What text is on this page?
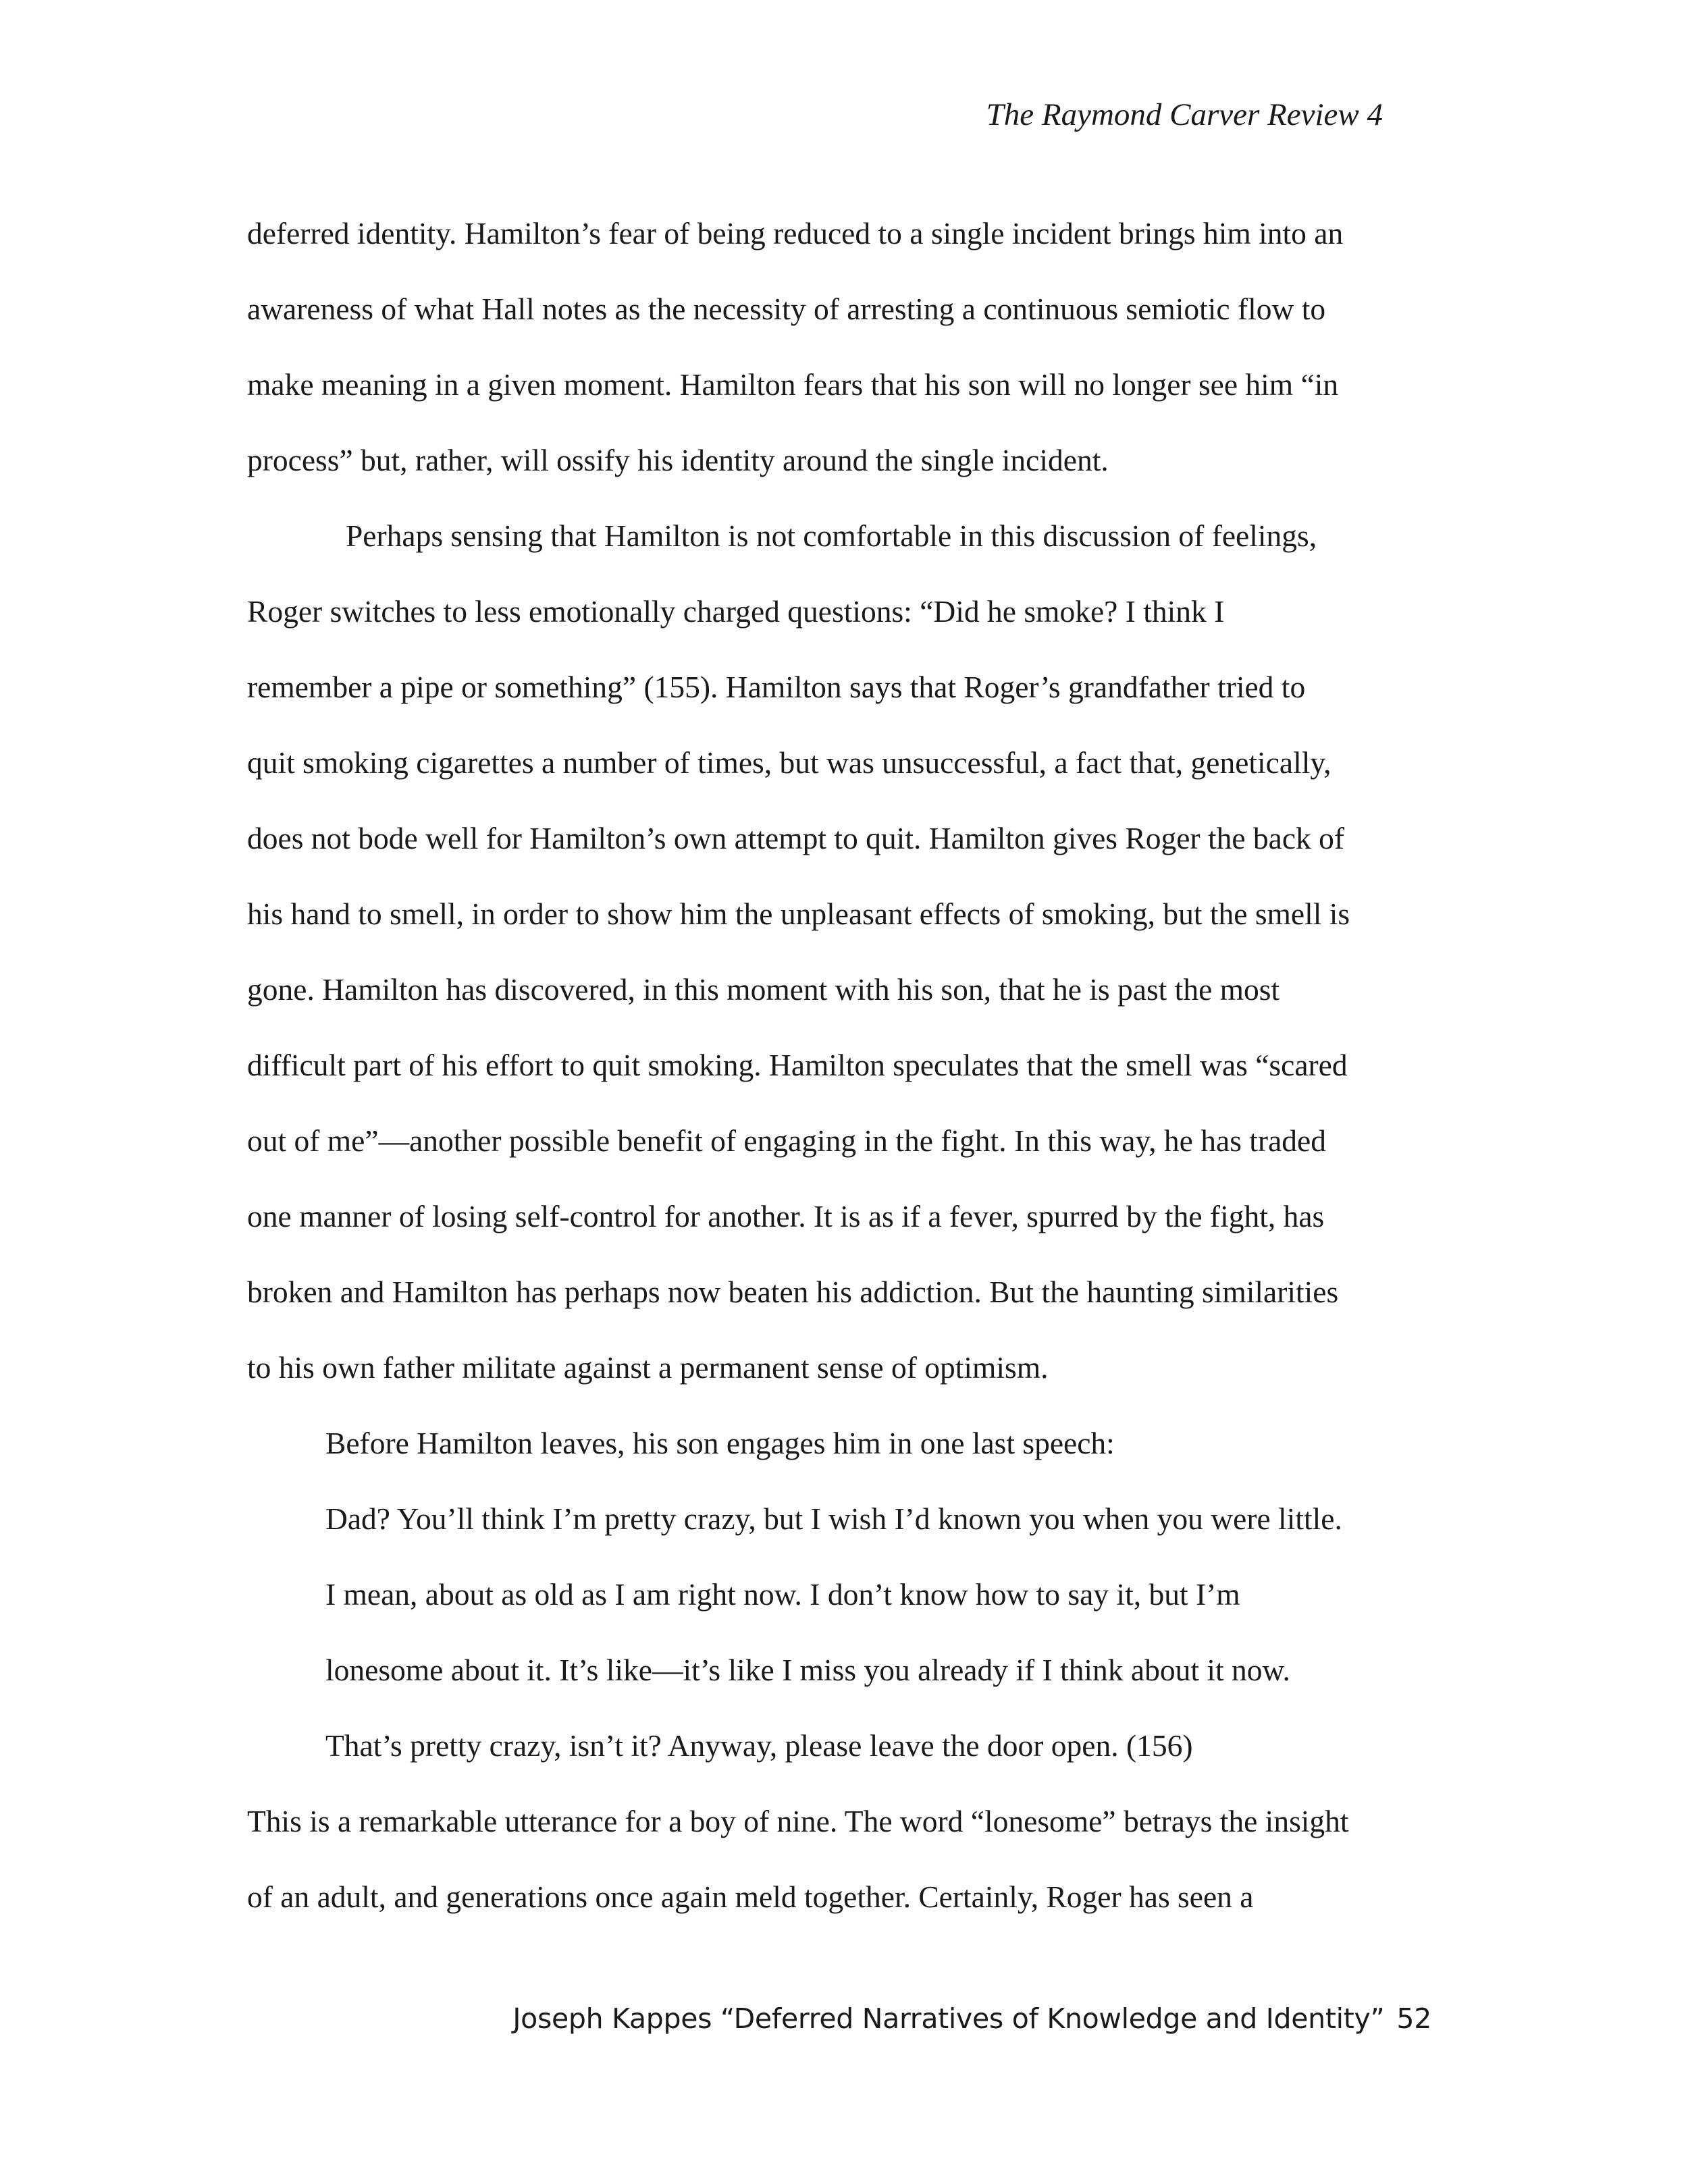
The Raymond Carver Review 4
deferred identity. Hamilton’s fear of being reduced to a single incident brings him into an
awareness of what Hall notes as the necessity of arresting a continuous semiotic flow to
make meaning in a given moment. Hamilton fears that his son will no longer see him “in
process” but, rather, will ossify his identity around the single incident.
Perhaps sensing that Hamilton is not comfortable in this discussion of feelings,
Roger switches to less emotionally charged questions: “Did he smoke? I think I
remember a pipe or something” (155). Hamilton says that Roger’s grandfather tried to
quit smoking cigarettes a number of times, but was unsuccessful, a fact that, genetically,
does not bode well for Hamilton’s own attempt to quit. Hamilton gives Roger the back of
his hand to smell, in order to show him the unpleasant effects of smoking, but the smell is
gone. Hamilton has discovered, in this moment with his son, that he is past the most
difficult part of his effort to quit smoking. Hamilton speculates that the smell was “scared
out of me”—another possible benefit of engaging in the fight. In this way, he has traded
one manner of losing self-control for another. It is as if a fever, spurred by the fight, has
broken and Hamilton has perhaps now beaten his addiction. But the haunting similarities
to his own father militate against a permanent sense of optimism.
Before Hamilton leaves, his son engages him in one last speech:
Dad? You’ll think I’m pretty crazy, but I wish I’d known you when you were little.
I mean, about as old as I am right now. I don’t know how to say it, but I’m
lonesome about it. It’s like—it’s like I miss you already if I think about it now.
That’s pretty crazy, isn’t it? Anyway, please leave the door open. (156)
This is a remarkable utterance for a boy of nine. The word “lonesome” betrays the insight
of an adult, and generations once again meld together. Certainly, Roger has seen a
Joseph Kappes “Deferred Narratives of Knowledge and Identity” 52
